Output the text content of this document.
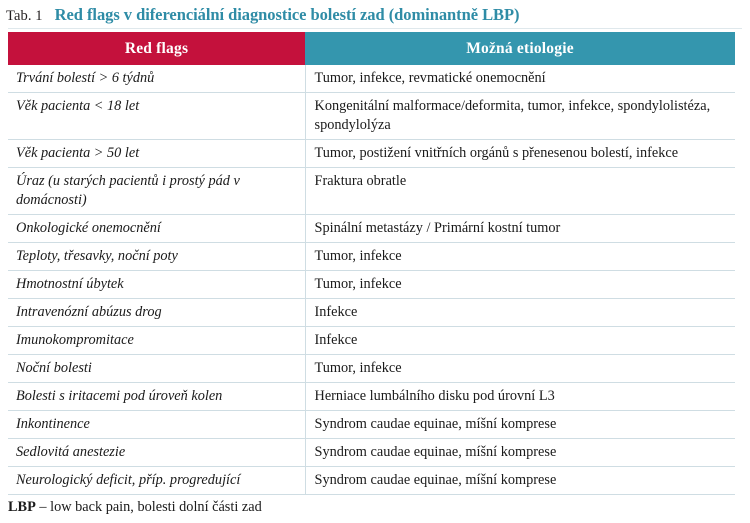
Tab. 1 Red flags v diferenciální diagnostice bolestí zad (dominantně LBP)
Red flags	Možná etiologie
Trvání bolestí > 6 týdnů	Tumor, infekce, revmatické onemocnění
Věk pacienta < 18 let	Kongenitální malformace/deformita, tumor, infekce, spondylolistéza, spondylolýza
Věk pacienta > 50 let	Tumor, postižení vnitřních orgánů s přenesenou bolestí, infekce
Úraz (u starých pacientů i prostý pád v domácnosti)	Fraktura obratle
Onkologické onemocnění	Spinální metastázy / Primární kostní tumor
Teploty, třesavky, noční poty	Tumor, infekce
Hmotnostní úbytek	Tumor, infekce
Intravenózní abúzus drog	Infekce
Imunokompromitace	Infekce
Noční bolesti	Tumor, infekce
Bolesti s iritacemi pod úroveň kolen	Herniace lumbálního disku pod úrovní L3
Inkontinence	Syndrom caudae equinae, míšní komprese
Sedlovitá anestezie	Syndrom caudae equinae, míšní komprese
Neurologický deficit, příp. progredující	Syndrom caudae equinae, míšní komprese
LBP – low back pain, bolesti dolní části zad
